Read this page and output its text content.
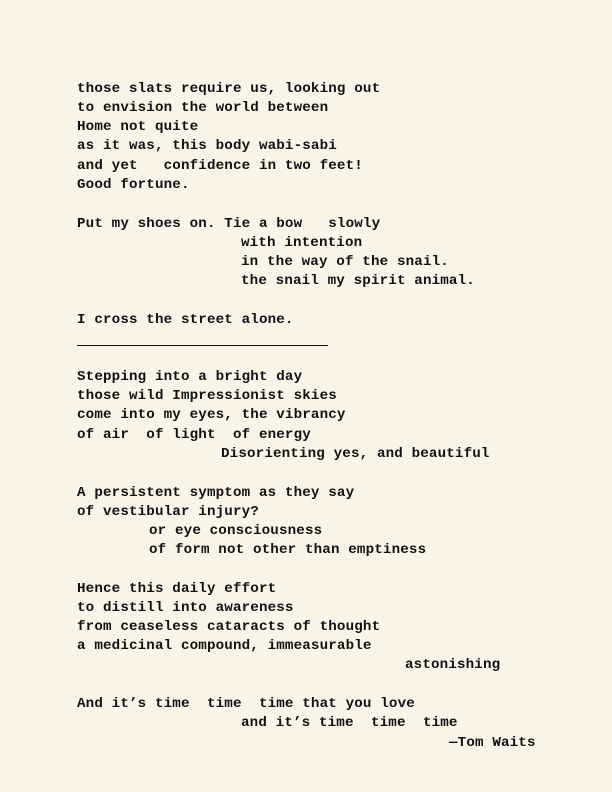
those slats require us, looking out
to envision the world between
Home not quite
as it was, this body wabi-sabi
and yet   confidence in two feet!
Good fortune.
Put my shoes on. Tie a bow   slowly
with intention
in the way of the snail.
the snail my spirit animal.
I cross the street alone.
Stepping into a bright day
those wild Impressionist skies
come into my eyes, the vibrancy
of air  of light  of energy
Disorienting yes, and beautiful
A persistent symptom as they say
of vestibular injury?
or eye consciousness
of form not other than emptiness
Hence this daily effort
to distill into awareness
from ceaseless cataracts of thought
a medicinal compound, immeasurable
astonishing
And it’s time  time  time that you love
and it’s time  time  time
—Tom Waits
